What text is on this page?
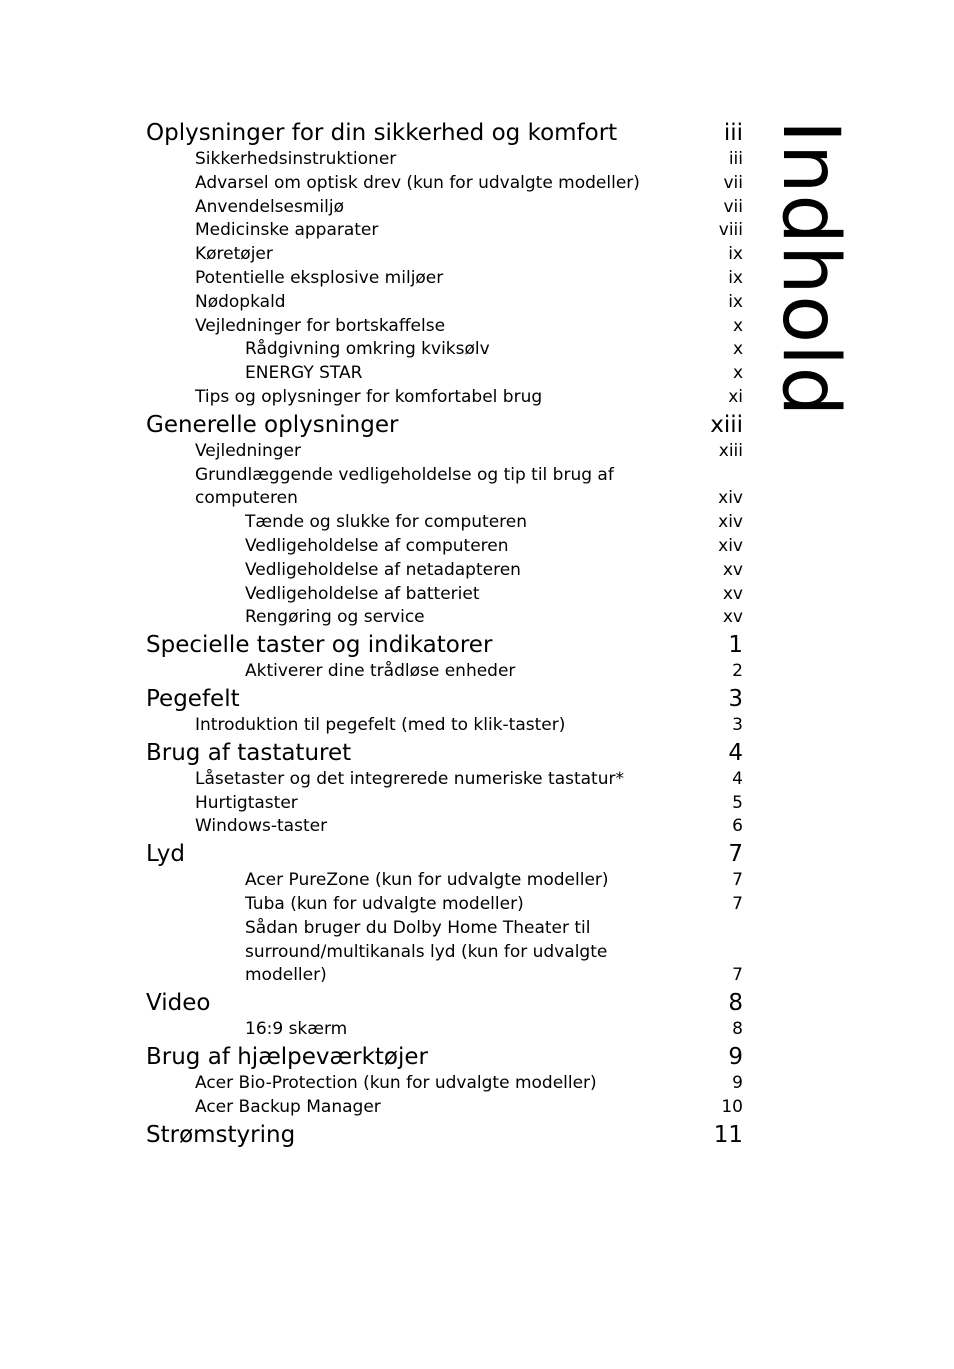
Oplysninger for din sikkerhed og komfort	iii
Sikkerhedsinstruktioner	iii
Advarsel om optisk drev (kun for udvalgte modeller)	vii
Anvendelsesmiljø	vii
Medicinske apparater	viii
Køretøjer	ix
Potentielle eksplosive miljøer	ix
Nødopkald	ix
Vejledninger for bortskaffelse	x
Rådgivning omkring kviksølv	x
ENERGY STAR	x
Tips og oplysninger for komfortabel brug	xi
Generelle oplysninger	xiii
Vejledninger	xiii
Grundlæggende vedligeholdelse og tip til brug af
computeren	xiv
Tænde og slukke for computeren	xiv
Vedligeholdelse af computeren	xiv
Vedligeholdelse af netadapteren	xv
Vedligeholdelse af batteriet	xv
Rengøring og service	xv
Specielle taster og indikatorer	1
Aktiverer dine trådløse enheder	2
Pegefelt	3
Introduktion til pegefelt (med to klik-taster)	3
Brug af tastaturet	4
Låsetaster og det integrerede numeriske tastatur*	4
Hurtigtaster	5
Windows-taster	6
Lyd	7
Acer PureZone (kun for udvalgte modeller)	7
Tuba (kun for udvalgte modeller)	7
Sådan bruger du Dolby Home Theater til
surround/multikanals lyd (kun for udvalgte
modeller)	7
Video	8
16:9 skærm	8
Brug af hjælpeværktøjer	9
Acer Bio-Protection (kun for udvalgte modeller)	9
Acer Backup Manager	10
Strømstyring	11
Indhold
